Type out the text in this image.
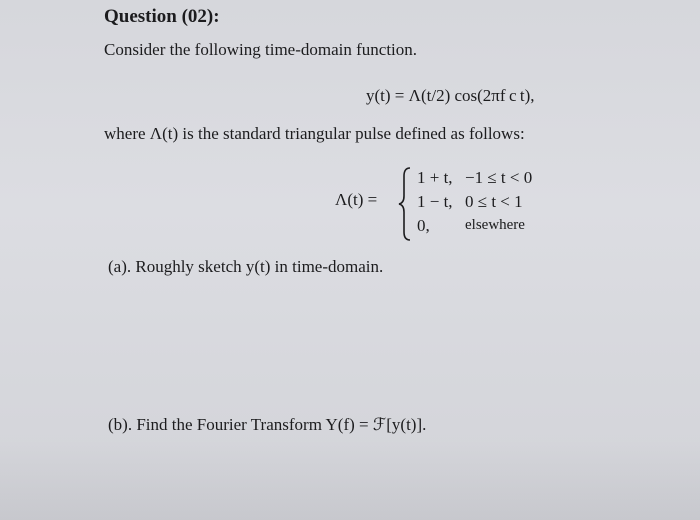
Question (02):
Consider the following time-domain function.
y(t) = Λ(t/2) cos(2πf c t),
where Λ(t) is the standard triangular pulse defined as follows:
Λ(t) =
1 + t, −1 ≤ t < 0
1 − t, 0 ≤ t < 1
0, elsewhere
(a). Roughly sketch y(t) in time-domain.
(b). Find the Fourier Transform Y(f) = ℱ[y(t)].
